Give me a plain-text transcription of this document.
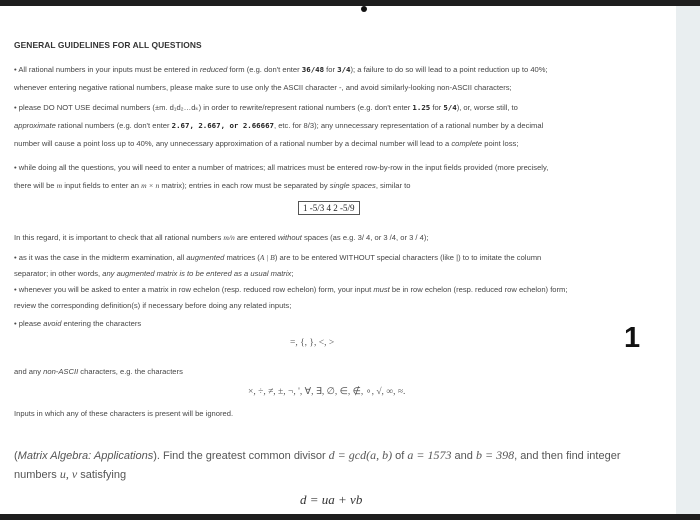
GENERAL GUIDELINES FOR ALL QUESTIONS
• All rational numbers in your inputs must be entered in reduced form (e.g. don't enter 36/48 for 3/4); a failure to do so will lead to a point reduction up to 40%;
whenever entering negative rational numbers, please make sure to use only the ASCII character -, and avoid similarly-looking non-ASCII characters;
• please DO NOT USE decimal numbers (±m. d₁d₂…dₖ) in order to rewrite/represent rational numbers (e.g. don't enter 1.25 for 5/4), or, worse still, to
approximate rational numbers (e.g. don't enter 2.67, 2.667, or 2.66667, etc. for 8/3); any unnecessary representation of a rational number by a decimal
number will cause a point loss up to 40%, any unnecessary approximation of a rational number by a decimal number will lead to a complete point loss;
• while doing all the questions, you will need to enter a number of matrices; all matrices must be entered row-by-row in the input fields provided (more precisely,
there will be m input fields to enter an m × n matrix); entries in each row must be separated by single spaces, similar to
1 -5/3 4 2 -5/9
In this regard, it is important to check that all rational numbers m/n are entered without spaces (as e.g. 3/ 4, or 3 /4, or 3 / 4);
• as it was the case in the midterm examination, all augmented matrices (A | B) are to be entered WITHOUT special characters (like |) to to imitate the column
separator; in other words, any augmented matrix is to be entered as a usual matrix;
• whenever you will be asked to enter a matrix in row echelon (resp. reduced row echelon) form, your input must be in row echelon (resp. reduced row echelon) form;
review the corresponding definition(s) if necessary before doing any related inputs;
• please avoid entering the characters
=, {, }, <, >	1
and any non-ASCII characters, e.g. the characters
×, ÷, ≠, ±, ¬, ', ∀, ∃, ∅, ∈, ∉, ∘, √, ∞, ≈.
Inputs in which any of these characters is present will be ignored.
(Matrix Algebra: Applications). Find the greatest common divisor d = gcd(a, b) of a = 1573 and b = 398, and then find integer
numbers u, v satisfying
d = ua + vb
